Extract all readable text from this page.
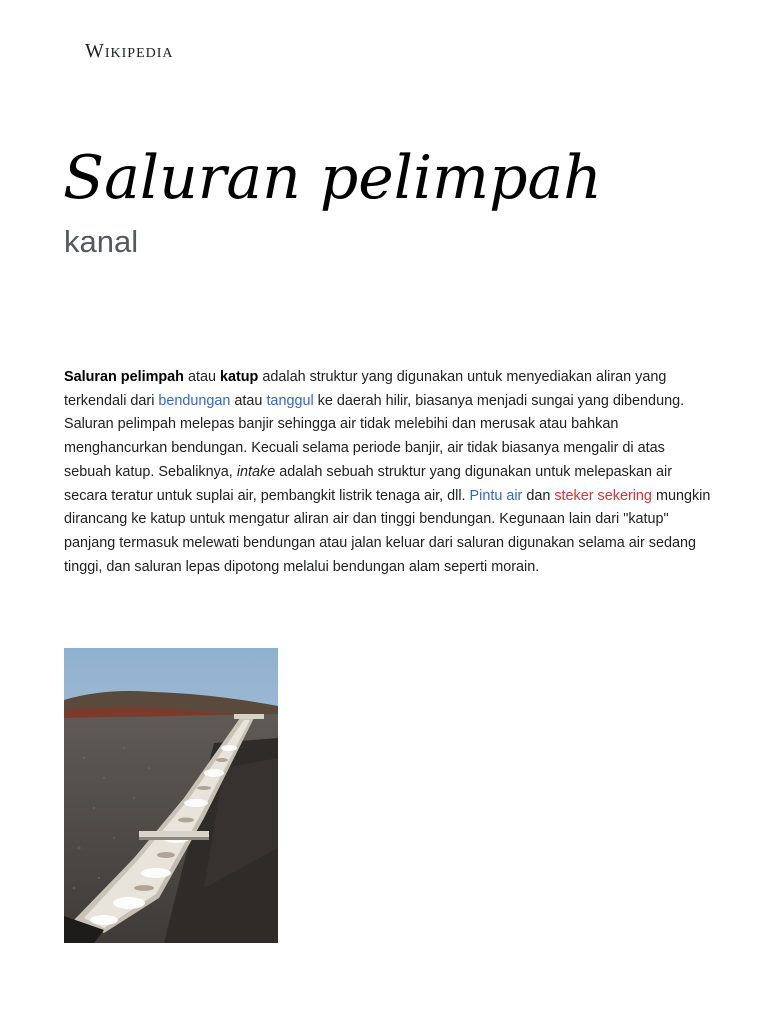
Wikipedia
Saluran pelimpah
kanal

Saluran pelimpah atau katup adalah struktur yang digunakan untuk menyediakan aliran yang terkendali dari bendungan atau tanggul ke daerah hilir, biasanya menjadi sungai yang dibendung. Saluran pelimpah melepas banjir sehingga air tidak melebihi dan merusak atau bahkan menghancurkan bendungan. Kecuali selama periode banjir, air tidak biasanya mengalir di atas sebuah katup. Sebaliknya, intake adalah sebuah struktur yang digunakan untuk melepaskan air secara teratur untuk suplai air, pembangkit listrik tenaga air, dll. Pintu air dan steker sekering mungkin dirancang ke katup untuk mengatur aliran air dan tinggi bendungan. Kegunaan lain dari "katup" panjang termasuk melewati bendungan atau jalan keluar dari saluran digunakan selama air sedang tinggi, dan saluran lepas dipotong melalui bendungan alam seperti morain.
